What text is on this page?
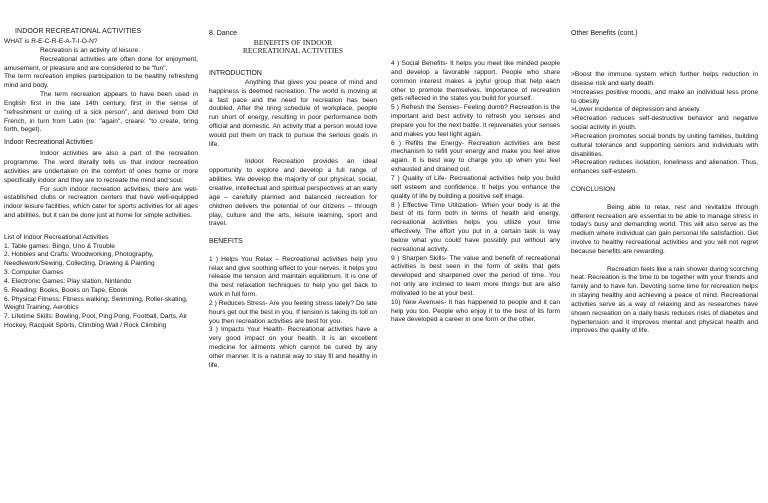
INDOOR RECREATIONAL ACTIVITIES

WHAT is R-E-C-R-E-A-T-I-O-N?

Recreation is an activity of leisure.

Recreational activities are often done for enjoyment, amusement, or pleasure and are considered to be "fun".

The term recreation implies participation to be healthy refreshing mind and body.

The term recreation appears to have been used in English first in the late 14th century, first in the sense of "refreshment or curing of a sick person", and derived from Old French, in turn from Latin (re: "again", creare: "to create, bring forth, beget).

Indoor Recreational Activities

Indoor activities are also a part of the recreation programme. The word literally tells us that indoor recreation activities are undertaken on the comfort of ones home or more specifically indoor and they are to recreate the mind and soul.

For such indoor recreation activities, there are well-established clubs or recreation centers that have well-equipped indoor leisure facilities, which cater for sports activities for all ages and abilities, but it can be done just at home for simple activities.

List of Indoor Recreational Activities

1. Table games: Bingo, Uno & Trouble

2. Hobbies and Crafts: Woodworking, Photography, Needlework/Sewing, Collecting, Drawing & Painting

3. Computer Games

4. Electronic Games: Play station, Nintendo

5. Reading: Books, Books on Tape, Ebook

6. Physical Fitness: Fitness walking, Swimming, Roller-skating, Weight Training, Aerobics

7. Lifetime Skills: Bowling, Pool, Ping Pong, Football, Darts, Air Hockey, Racquet Sports, Climbing Wall / Rock Climbing

8. Dance
BENEFITS OF INDOOR
RECREATIONAL ACTIVITIES

INTRODUCTION

Anything that gives you peace of mind and happiness is deemed recreation. The world is moving at a fast pace and the need for recreation has been doubled. After the tiring schedule of workplace, people run short of energy, resulting in poor performance both official and domestic. An activity that a person would love would put them on track to pursue the serious goals in life.

Indoor Recreation provides an ideal opportunity to explore and develop a full range of abilities. We develop the majority of our physical, social, creative, intellectual and spiritual perspectives at an early age – carefully planned and balanced recreation for children delivers the potential of our citizens – through play, culture and the arts, leisure learning, sport and travel.

BENEFITS

1 ) Helps You Relax – Recreational activities help you relax and give soothing effect to your nerves. It helps you release the tension and maintain equilibrium. It is one of the best relaxation techniques to help you get back to work in full form.

2 ) Reduces Stress- Are you feeling stress lately? Do late hours get out the best in you. If tension is taking its toll on you then recreation activities are best for you.

3 ) Impacts Your Health- Recreational activities have a very good impact on your health. It is an excellent medicine for ailments which cannot be cured by any other manner. It is a natural way to stay fit and healthy in life.

4 ) Social Benefits- It helps you meet like minded people and develop a favorable rapport. People who share common interest makes a joyful group that help each other to promote themselves. Importance of recreation gets reflected in the states you build for yourself.

5 ) Refresh the Senses- Feeling dumb? Recreation is the important and best activity to refresh you senses and prepare you for the next battle. It rejuvenates your senses and makes you feel light again.

6 ) Refills the Energy- Recreation activities are best mechanism to refill your energy and make you feel alive again. It is best way to charge you up when you feel exhausted and drained out.

7 ) Quality of Life- Recreational activities help you build self esteem and confidence. It helps you enhance the quality of life by building a positive self image.

8 ) Effective Time Utilization- When your body is at the best of its form both in terms of health and energy, recreational activities helps you utilize your time effectively. The effort you put in a certain task is way below what you could have possibly put without any recreational activity.

9 ) Sharpen Skills- The value and benefit of recreational activities is best seen in the form of skills that gets developed and sharpened over the period of time. You not only are inclined to learn more things but are also motivated to be at your best.

10) New Avenues- It has happened to people and it can help you too. People who enjoy it to the best of its form have developed a career in one form or the other.

Other Benefits (cont.)

>Boost the immune system which further helps reduction in disease risk and early death.

>Increases positive moods, and make an individual less prone to obesity

>Lower incidence of depression and anxiety.

>Recreation reduces self-destructive behavior and negative social activity in youth.

>Recreation promotes social bonds by uniting families, building cultural tolerance and supporting seniors and individuals with disabilities.

>Recreation reduces isolation, loneliness and alienation. Thus, enhances self-esteem.

CONCLUSION

Being able to relax, rest and revitalize through different recreation are essential to be able to manage stress in today's busy and demanding world. This will also serve as the medium where individual can gain personal life satisfaction. Get involve to healthy recreational activities and you will not regret because benefits are rewarding.

Recreation feels like a rain shower during scorching heat. Recreation is the time to be together with your friends and family and to have fun. Devoting some time for recreation helps in staying healthy and achieving a peace of mind. Recreational activities serve as a way of relaxing and as researches have shown recreation on a daily basis reduces risks of diabetes and hypertension and it improves mental and physical health and improves the quality of life.
